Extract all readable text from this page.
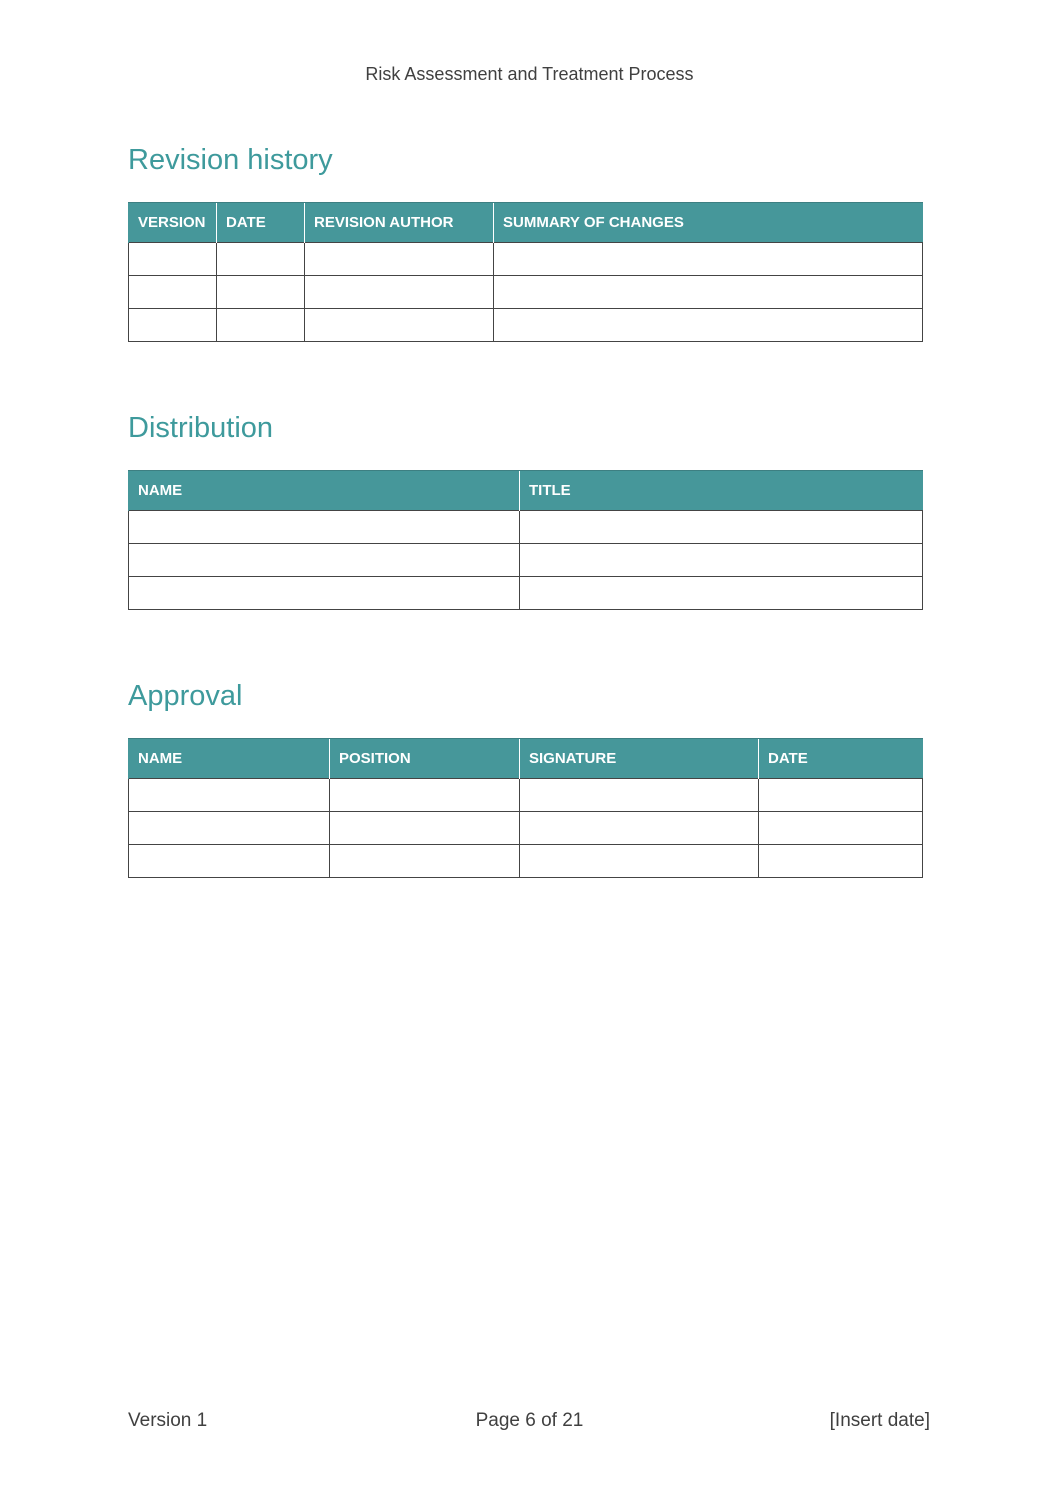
Risk Assessment and Treatment Process
Revision history
VERSION	DATE	REVISION AUTHOR	SUMMARY OF CHANGES

Distribution
NAME	TITLE

Approval
NAME	POSITION	SIGNATURE	DATE

Version 1	Page 6 of 21	[Insert date]
